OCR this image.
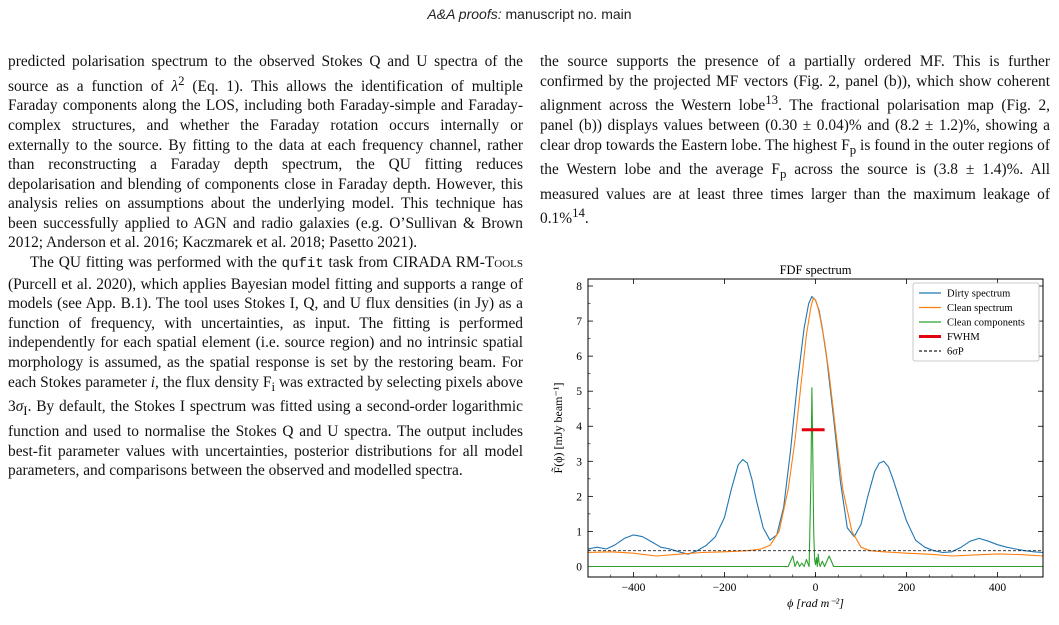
A&A proofs: manuscript no. main

predicted polarisation spectrum to the observed Stokes Q and U spectra of the source as a function of $\lambda^2$ (Eq. 1). This allows the identification of multiple Faraday components along the LOS, including both Faraday-simple and Faraday-complex structures, and whether the Faraday rotation occurs internally or externally to the source. By fitting to the data at each frequency channel, rather than reconstructing a Faraday depth spectrum, the QU fitting reduces depolarisation and blending of components close in Faraday depth. However, this analysis relies on assumptions about the underlying model. This technique has been successfully applied to AGN and radio galaxies (e.g. O’Sullivan & Brown 2012; Anderson et al. 2016; Kaczmarek et al. 2018; Pasetto 2021).

The QU fitting was performed with the qufit task from CIRADA RM-Tools (Purcell et al. 2020), which applies Bayesian model fitting and supports a range of models (see App. B.1). The tool uses Stokes I, Q, and U flux densities (in Jy) as a function of frequency, with uncertainties, as input. The fitting is performed independently for each spatial element (i.e. source region) and no intrinsic spatial morphology is assumed, as the spatial response is set by the restoring beam. For each Stokes parameter i, the flux density $F_i$ was extracted by selecting pixels above $3\sigma_I$. By default, the Stokes I spectrum was fitted using a second-order logarithmic function and used to normalise the Stokes Q and U spectra. The output includes best-fit parameter values with uncertainties, posterior distributions for all model parameters, and comparisons between the observed and modelled spectra.

the source supports the presence of a partially ordered MF. This is further confirmed by the projected MF vectors (Fig. 2, panel (b)), which show coherent alignment across the Western lobe$^{13}$. The fractional polarisation map (Fig. 2, panel (b)) displays values between (0.30 ± 0.04)% and (8.2 ± 1.2)%, showing a clear drop towards the Eastern lobe. The highest $F_p$ is found in the outer regions of the Western lobe and the average $F_p$ across the source is (3.8 ± 1.4)%. All measured values are at least three times larger than the maximum leakage of 0.1%$^{14}$.

FDF spectrum
−400	−200	0	200	400
0
1
2
3
4
5
6
7
8
ϕ [rad m⁻²]
F̃(ϕ) [mJy beam⁻¹]
Dirty spectrum
Clean spectrum
Clean components
FWHM
6σP
